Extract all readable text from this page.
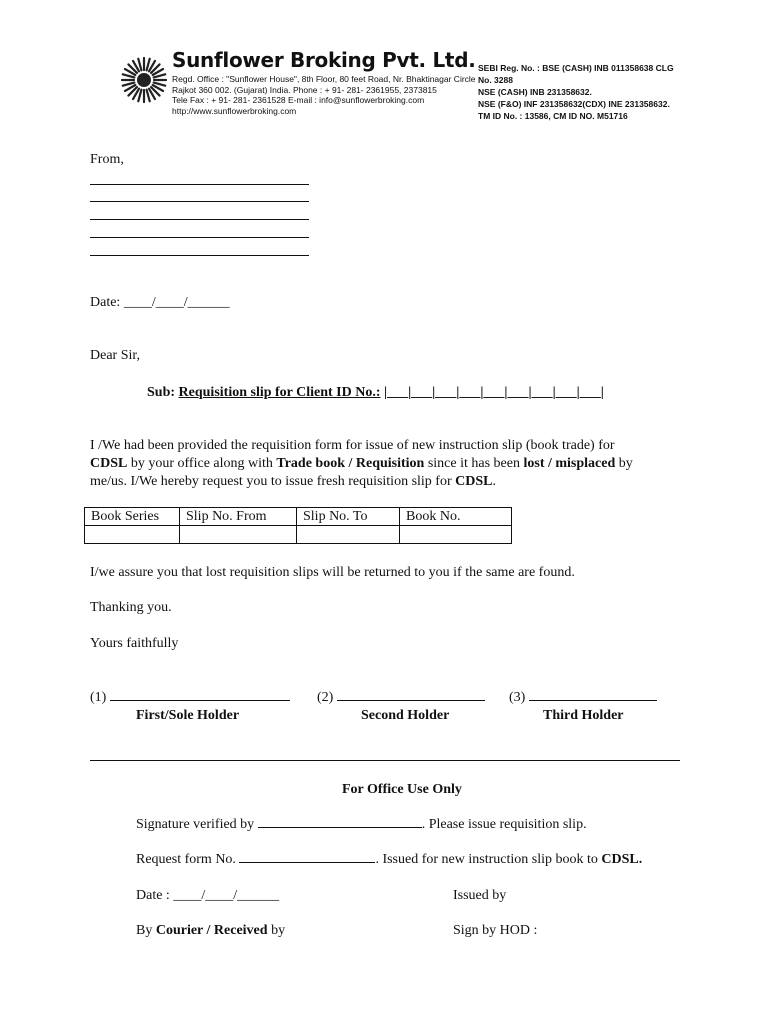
Sunflower Broking Pvt. Ltd.
Regd. Office : "Sunflower House", 8th Floor, 80 feet Road, Nr. Bhaktinagar Circle
Rajkot 360 002. (Gujarat) India. Phone : + 91- 281- 2361955, 2373815
Tele Fax : + 91- 281- 2361528 E-mail : info@sunflowerbroking.com
http://www.sunflowerbroking.com
SEBI Reg. No. : BSE (CASH) INB 011358638 CLG No. 3288
NSE (CASH) INB 231358632.
NSE (F&O) INF 231358632(CDX) INE 231358632.
TM ID No. : 13586, CM ID NO. M51716
From,
Date: ____/____/______
Dear Sir,
Sub: Requisition slip for Client ID No.: |___|___|___|___|___|___|___|___|___|
I /We had been provided the requisition form for issue of new instruction slip (book trade) for
CDSL by your office along with Trade book / Requisition since it has been lost / misplaced by
me/us. I/We hereby request you to issue fresh requisition slip for CDSL.
Book Series	Slip No. From	Slip No. To	Book No.

I/we assure you that lost requisition slips will be returned to you if the same are found.
Thanking you.
Yours faithfully
(1)
First/Sole Holder
(2)
Second Holder
(3)
Third Holder
For Office Use Only
Signature verified by	. Please issue requisition slip.
Request form No.	. Issued for new instruction slip book to CDSL.
Date : ____/____/______	Issued by
By Courier / Received by	Sign by HOD :
